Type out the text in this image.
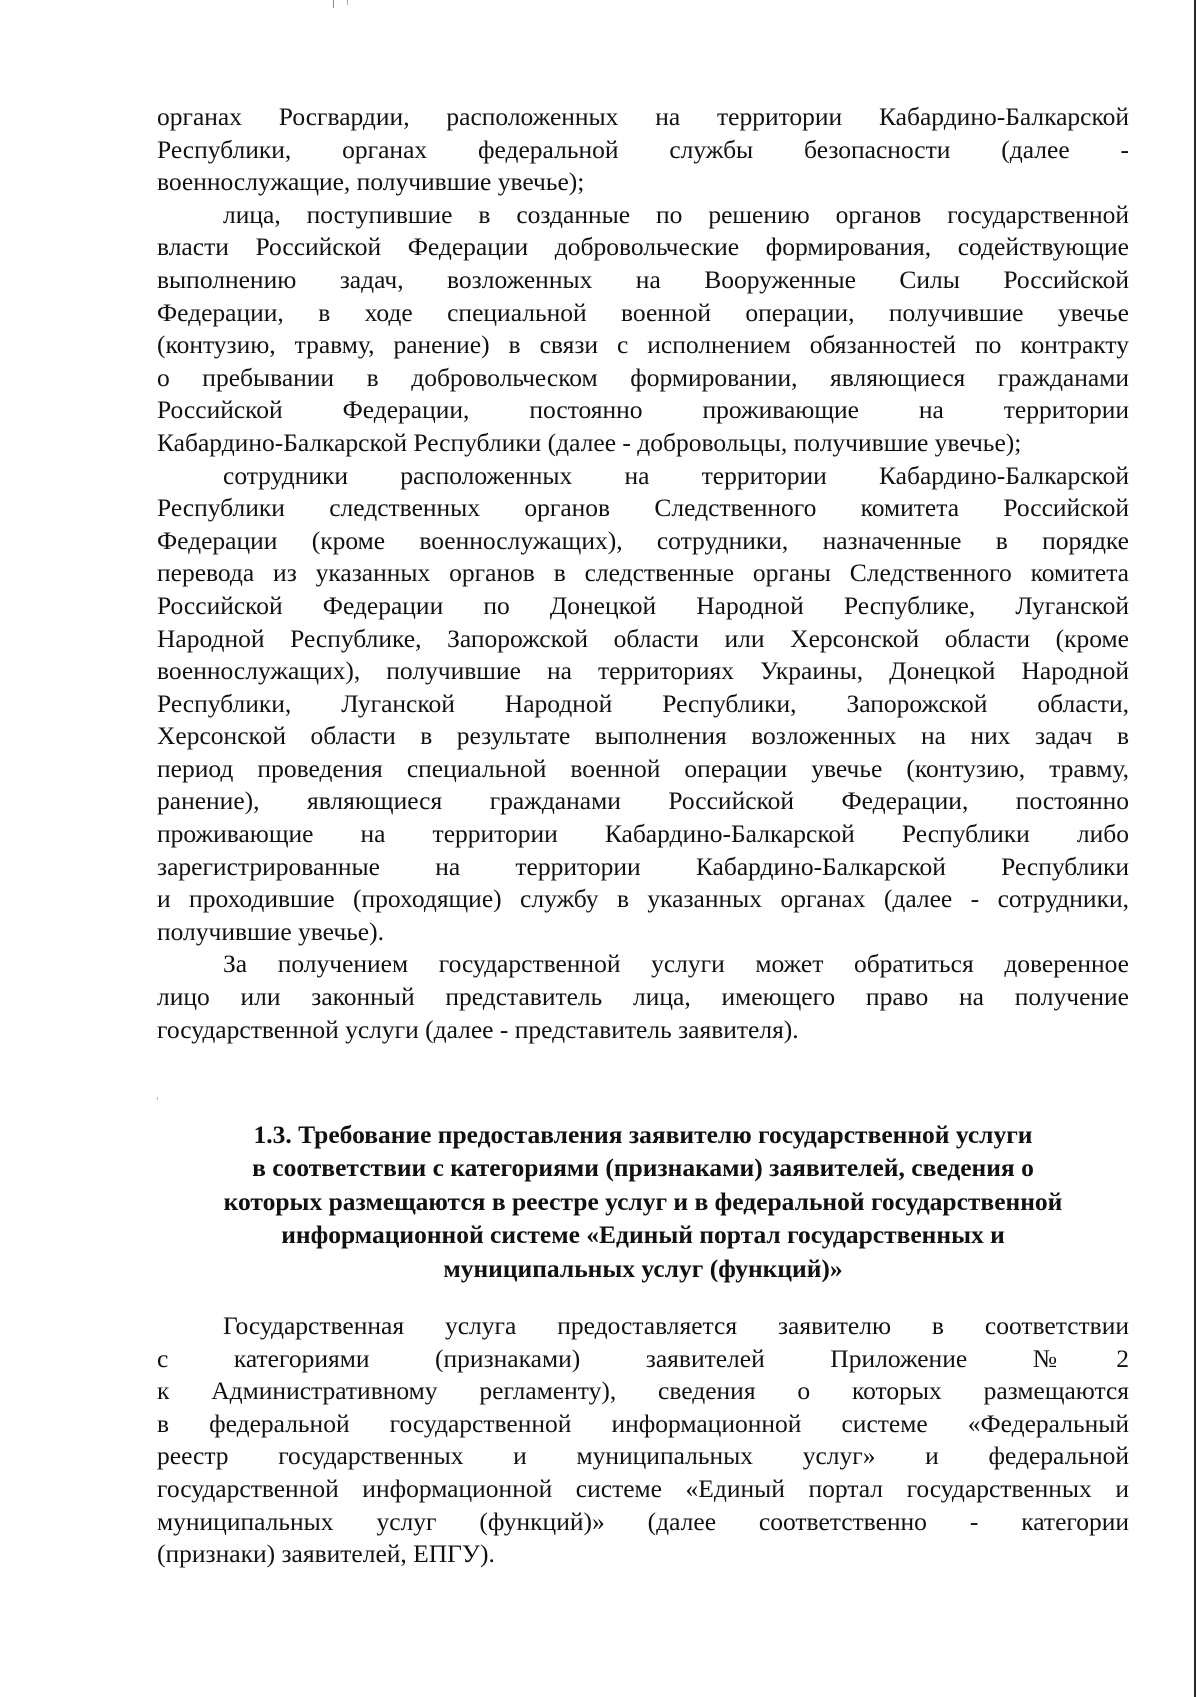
органах Росгвардии, расположенных на территории Кабардино-Балкарской
Республики, органах федеральной службы безопасности (далее -
военнослужащие, получившие увечье);
лица, поступившие в созданные по решению органов государственной
власти Российской Федерации добровольческие формирования, содействующие
выполнению задач, возложенных на Вооруженные Силы Российской
Федерации, в ходе специальной военной операции, получившие увечье
(контузию, травму, ранение) в связи с исполнением обязанностей по контракту
о пребывании в добровольческом формировании, являющиеся гражданами
Российской Федерации, постоянно проживающие на территории
Кабардино-Балкарской Республики (далее - добровольцы, получившие увечье);
сотрудники расположенных на территории Кабардино-Балкарской
Республики следственных органов Следственного комитета Российской
Федерации (кроме военнослужащих), сотрудники, назначенные в порядке
перевода из указанных органов в следственные органы Следственного комитета
Российской Федерации по Донецкой Народной Республике, Луганской
Народной Республике, Запорожской области или Херсонской области (кроме
военнослужащих), получившие на территориях Украины, Донецкой Народной
Республики, Луганской Народной Республики, Запорожской области,
Херсонской области в результате выполнения возложенных на них задач в
период проведения специальной военной операции увечье (контузию, травму,
ранение), являющиеся гражданами Российской Федерации, постоянно
проживающие на территории Кабардино-Балкарской Республики либо
зарегистрированные на территории Кабардино-Балкарской Республики
и проходившие (проходящие) службу в указанных органах (далее - сотрудники,
получившие увечье).
За получением государственной услуги может обратиться доверенное
лицо или законный представитель лица, имеющего право на получение
государственной услуги (далее - представитель заявителя).
1.3. Требование предоставления заявителю государственной услуги
в соответствии с категориями (признаками) заявителей, сведения о
которых размещаются в реестре услуг и в федеральной государственной
информационной системе «Единый портал государственных и
муниципальных услуг (функций)»
Государственная услуга предоставляется заявителю в соответствии
с категориями (признаками) заявителей Приложение №2
к Административному регламенту), сведения о которых размещаются
в федеральной государственной информационной системе «Федеральный
реестр государственных и муниципальных услуг» и федеральной
государственной информационной системе «Единый портал государственных и
муниципальных услуг (функций)» (далее соответственно - категории
(признаки) заявителей, ЕПГУ).
